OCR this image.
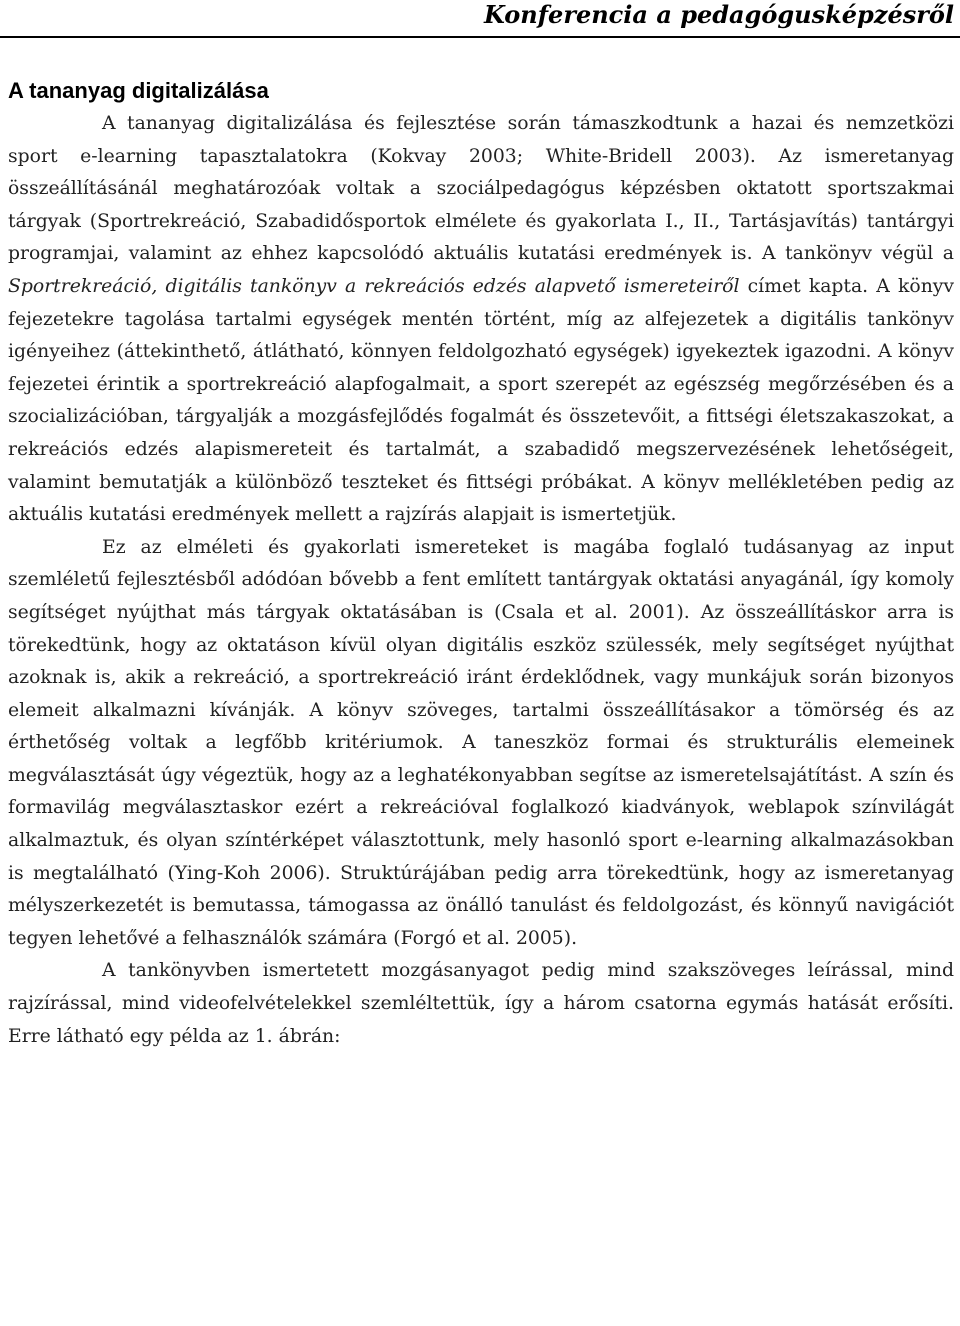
Konferencia a pedagógusképzésről
A tananyag digitalizálása

A tananyag digitalizálása és fejlesztése során támaszkodtunk a hazai és nemzetközi sport e-learning tapasztalatokra (Kokvay 2003; White-Bridell 2003). Az ismeretanyag összeállításánál meghatározóak voltak a szociálpedagógus képzésben oktatott sportszakmai tárgyak (Sportrekreáció, Szabadidősportok elmélete és gyakorlata I., II., Tartásjavítás) tantárgyi programjai, valamint az ehhez kapcsolódó aktuális kutatási eredmények is. A tankönyv végül a Sportrekreáció, digitális tankönyv a rekreációs edzés alapvető ismereteiről címet kapta. A könyv fejezetekre tagolása tartalmi egységek mentén történt, míg az alfejezetek a digitális tankönyv igényeihez (áttekinthető, átlátható, könnyen feldolgozható egységek) igyekeztek igazodni. A könyv fejezetei érintik a sportrekreáció alapfogalmait, a sport szerepét az egészség megőrzésében és a szocializációban, tárgyalják a mozgásfejlődés fogalmát és összetevőit, a fittségi életszakaszokat, a rekreációs edzés alapismereteit és tartalmát, a szabadidő megszervezésének lehetőségeit, valamint bemutatják a különböző teszteket és fittségi próbákat. A könyv mellékletében pedig az aktuális kutatási eredmények mellett a rajzírás alapjait is ismertetjük.

Ez az elméleti és gyakorlati ismereteket is magába foglaló tudásanyag az input szemléletű fejlesztésből adódóan bővebb a fent említett tantárgyak oktatási anyagánál, így komoly segítséget nyújthat más tárgyak oktatásában is (Csala et al. 2001). Az összeállításkor arra is törekedtünk, hogy az oktatáson kívül olyan digitális eszköz szülessék, mely segítséget nyújthat azoknak is, akik a rekreáció, a sportrekreáció iránt érdeklődnek, vagy munkájuk során bizonyos elemeit alkalmazni kívánják. A könyv szöveges, tartalmi összeállításakor a tömörség és az érthetőség voltak a legfőbb kritériumok. A taneszköz formai és strukturális elemeinek megválasztását úgy végeztük, hogy az a leghatékonyabban segítse az ismeretelsajátítást. A szín és formavilág megválasztaskor ezért a rekreációval foglalkozó kiadványok, weblapok színvilágát alkalmaztuk, és olyan színtérképet választottunk, mely hasonló sport e-learning alkalmazásokban is megtalálható (Ying-Koh 2006). Struktúrájában pedig arra törekedtünk, hogy az ismeretanyag mélyszerkezetét is bemutassa, támogassa az önálló tanulást és feldolgozást, és könnyű navigációt tegyen lehetővé a felhasználók számára (Forgó et al. 2005).

A tankönyvben ismertetett mozgásanyagot pedig mind szakszöveges leírással, mind rajzírással, mind videofelvételekkel szemléltettük, így a három csatorna egymás hatását erősíti. Erre látható egy példa az 1. ábrán:
